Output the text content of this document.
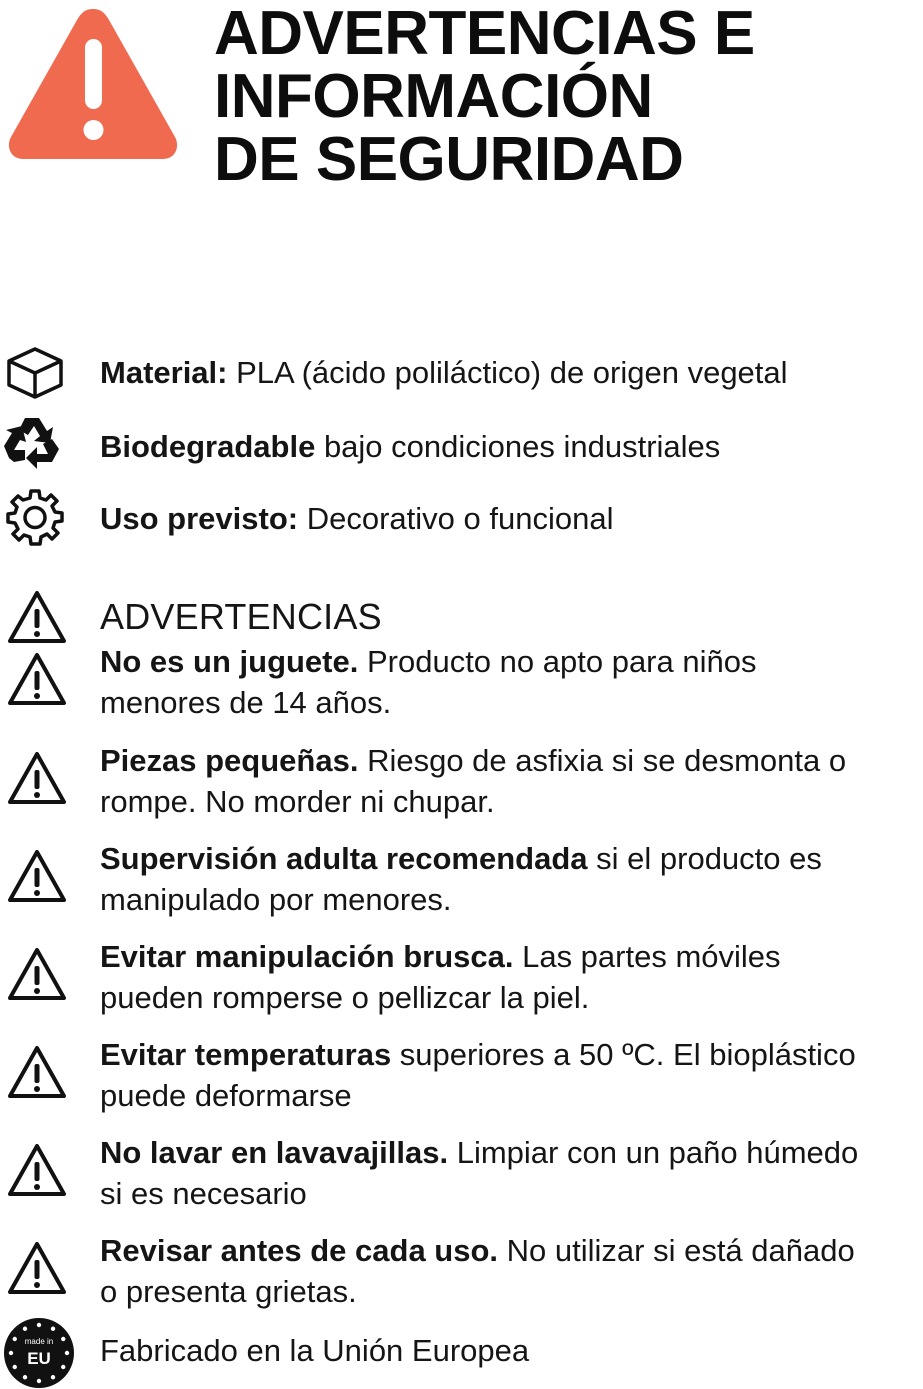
ADVERTENCIAS E
INFORMACIÓN
DE SEGURIDAD
Material: PLA (ácido poliláctico) de origen vegetal
Biodegradable bajo condiciones industriales
Uso previsto: Decorativo o funcional
ADVERTENCIAS
No es un juguete. Producto no apto para niños
menores de 14 años.
Piezas pequeñas. Riesgo de asfixia si se desmonta o
rompe. No morder ni chupar.
Supervisión adulta recomendada si el producto es
manipulado por menores.
Evitar manipulación brusca. Las partes móviles
pueden romperse o pellizcar la piel.
Evitar temperaturas superiores a 50 ºC. El bioplástico
puede deformarse
No lavar en lavavajillas. Limpiar con un paño húmedo
si es necesario
Revisar antes de cada uso. No utilizar si está dañado
o presenta grietas.
made in
EU Fabricado en la Unión Europea
